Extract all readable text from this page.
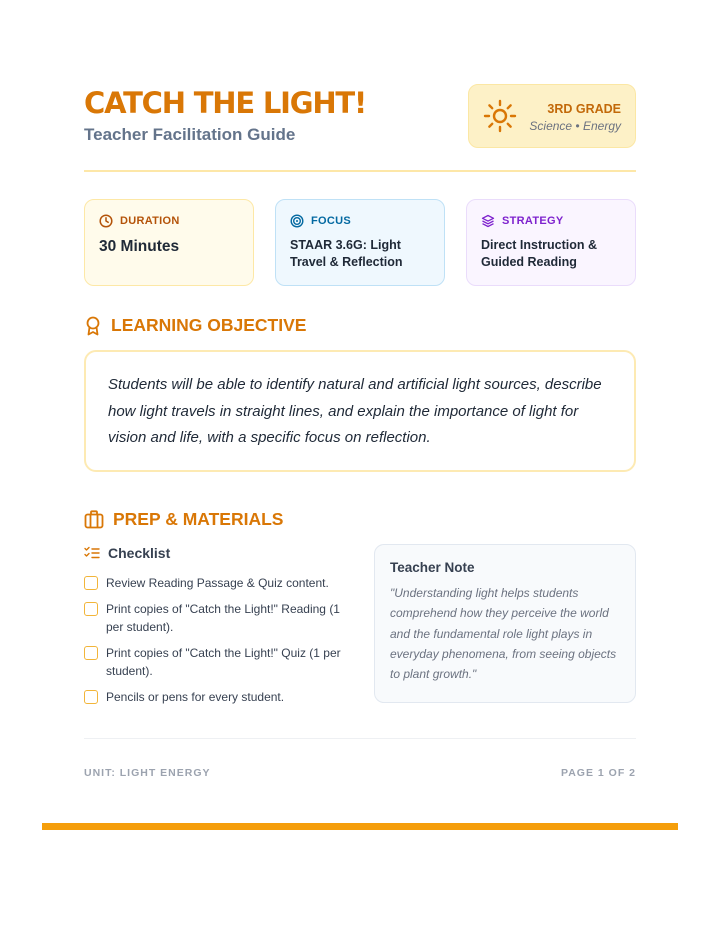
CATCH THE LIGHT!
Teacher Facilitation Guide
3RD GRADE
Science • Energy
DURATION
30 Minutes
FOCUS
STAAR 3.6G: Light Travel & Reflection
STRATEGY
Direct Instruction & Guided Reading
LEARNING OBJECTIVE

Students will be able to identify natural and artificial light sources, describe how light travels in straight lines, and explain the importance of light for vision and life, with a specific focus on reflection.

PREP & MATERIALS
Checklist
Review Reading Passage & Quiz content.
Print copies of "Catch the Light!" Reading (1 per student).
Print copies of "Catch the Light!" Quiz (1 per student).
Pencils or pens for every student.
Teacher Note
"Understanding light helps students comprehend how they perceive the world and the fundamental role light plays in everyday phenomena, from seeing objects to plant growth."
UNIT: LIGHT ENERGY	PAGE 1 OF 2
